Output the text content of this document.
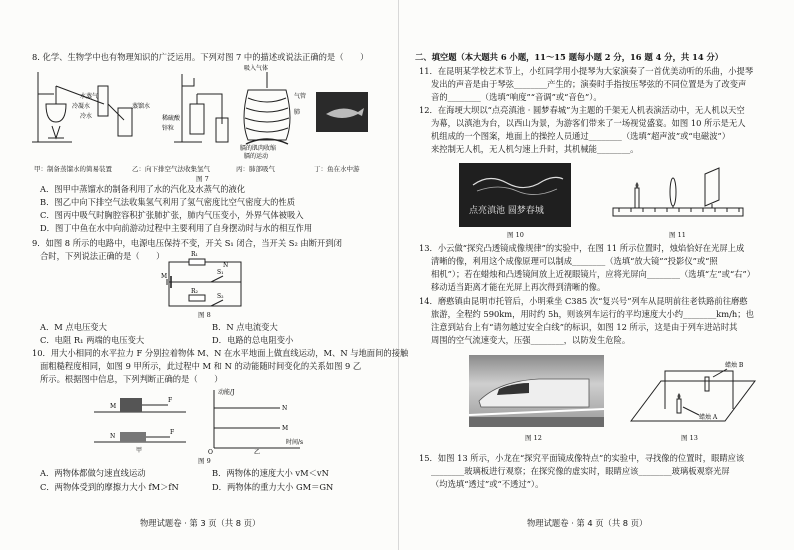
8. 化学、生物学中也有物理知识的广泛运用。下列对图 7 中的描述或说法正确的是（　　）
水蒸气
冷凝水
冷水
蒸馏水
稀硫酸
锌粒
吸入气体
气管
肺
膈的肌肉收缩
膈的运动
甲：制备蒸馏水的简易装置	乙：向下排空气法收集氢气	丙：肺部吸气	丁：鱼在水中游
图 7
A．图甲中蒸馏水的制备利用了水的汽化及水蒸气的液化
B．图乙中向下排空气法收集氢气利用了氢气密度比空气密度大的性质
C．图丙中吸气时胸腔容积扩张肺扩张，肺内气压变小，外界气体被吸入
D．图丁中鱼在水中向前游动过程中主要利用了自身摆动时与水的相互作用
9．如图 8 所示的电路中，电源电压保持不变，开关 S₁ 闭合，当开关 S₂ 由断开到闭
合时，下列说法正确的是（　　）	R₁
R₂
N
M
S₁
S₂
图 8
A．M 点电压变大	B．N 点电流变大
C．电阻 R₁ 两端的电压变大	D．电路的总电阻变小
10．用大小相同的水平拉力 F 分别拉着物体 M、N 在水平地面上做直线运动，M、N 与地面间的接触
面粗糙程度相同，如图 9 甲所示，此过程中 M 和 N 的动能随时间变化的关系如图 9 乙
所示。根据图中信息，下列判断正确的是（　　）
F
F
M
N
甲
动能/J
N
M
时间/s
O	乙
图 9
A．两物体都做匀速直线运动	B．两物体的速度大小 vM＜vN
C．两物体受到的摩擦力大小 fM＞fN	D．两物体的重力大小 GM＝GN
物理试题卷 · 第 3 页（共 8 页）
二、填空题（本大题共 6 小题，11～15 题每小题 2 分，16 题 4 分，共 14 分）
11．在昆明某学校艺术节上，小红同学用小提琴为大家演奏了一首优美动听的乐曲，小提琴
发出的声音是由于琴弦________产生的；演奏时手指按压琴弦的不同位置是为了改变声
音的________（选填“响度”“音调”或“音色”）。
12．在海埂大坝以“点亮滇池 · 圆梦春城”为主题的千架无人机表演活动中，无人机以天空
为幕，以滇池为台，以西山为景，为游客们带来了一场视觉盛宴。如图 10 所示是无人
机组成的一个图案，地面上的操控人员通过________（选填“超声波”或“电磁波”）
来控制无人机，无人机匀速上升时，其机械能________。
点亮滇池 圆梦春城
图 10	图 11
13．小云做“探究凸透镜成像规律”的实验中，在图 11 所示位置时，烛焰恰好在光屏上成
清晰的像，利用这个成像原理可以制成________（选填“放大镜”“投影仪”或“照
相机”）；若在蜡烛和凸透镜间放上近视眼镜片，应将光屏向________（选填“左”或“右”）
移动适当距离才能在光屏上再次得到清晰的像。
14．磨憨镇由昆明市托管后，小明乘坐 C385 次“复兴号”列车从昆明前往老铁路前往磨憨
旅游，全程约 590km，用时约 5h，则该列车运行的平均速度大小约________km/h；也
注意到站台上有“请勿越过安全白线”的标识，如图 12 所示，这是由于列车进站时其
周围的空气流速变大，压强________，以防发生危险。
图 12
蜡烛 B
蜡烛 A
图 13
15．如图 13 所示，小龙在“探究平面镜成像特点”的实验中，寻找像的位置时，眼睛应该
________玻璃板进行观察；在探究像的虚实时，眼睛应该________玻璃板观察光屏
（均选填“透过”或“不透过”）。
物理试题卷 · 第 4 页（共 8 页）
